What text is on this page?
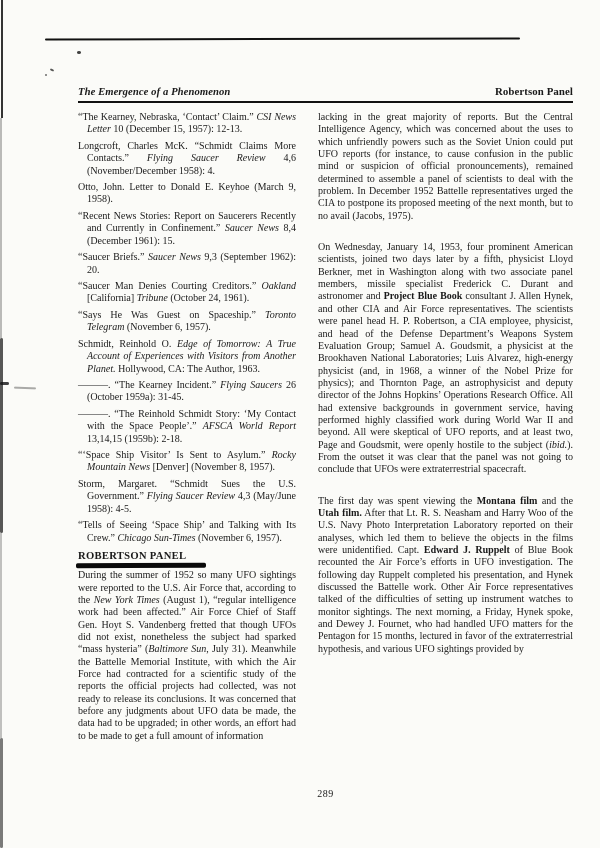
The Emergence of a Phenomenon	Robertson Panel

“The Kearney, Nebraska, ‘Contact’ Claim.” CSI News Letter 10 (December 15, 1957): 12-13.

Longcroft, Charles McK. “Schmidt Claims More Contacts.” Flying Saucer Review 4,6 (November/December 1958): 4.

Otto, John. Letter to Donald E. Keyhoe (March 9, 1958).

“Recent News Stories: Report on Saucerers Recently and Currently in Confinement.” Saucer News 8,4 (December 1961): 15.

“Saucer Briefs.” Saucer News 9,3 (September 1962): 20.

“Saucer Man Denies Courting Creditors.” Oakland [California] Tribune (October 24, 1961).

“Says He Was Guest on Spaceship.” Toronto Telegram (November 6, 1957).

Schmidt, Reinhold O. Edge of Tomorrow: A True Account of Experiences with Visitors from Another Planet. Hollywood, CA: The Author, 1963.

———. “The Kearney Incident.” Flying Saucers 26 (October 1959a): 31-45.

———. “The Reinhold Schmidt Story: ‘My Contact with the Space People’.” AFSCA World Report 13,14,15 (1959b): 2-18.

“‘Space Ship Visitor’ Is Sent to Asylum.” Rocky Mountain News [Denver] (November 8, 1957).

Storm, Margaret. “Schmidt Sues the U.S. Government.” Flying Saucer Review 4,3 (May/June 1958): 4-5.

“Tells of Seeing ‘Space Ship’ and Talking with Its Crew.” Chicago Sun-Times (November 6, 1957).

ROBERTSON PANEL

During the summer of 1952 so many UFO sightings were reported to the U.S. Air Force that, according to the New York Times (August 1), “regular intelligence work had been affected.” Air Force Chief of Staff Gen. Hoyt S. Vandenberg fretted that though UFOs did not exist, nonetheless the subject had sparked “mass hysteria” (Baltimore Sun, July 31). Meanwhile the Battelle Memorial Institute, with which the Air Force had contracted for a scientific study of the reports the official projects had collected, was not ready to release its conclusions. It was concerned that before any judgments about UFO data be made, the data had to be upgraded; in other words, an effort had to be made to get a full amount of information

lacking in the great majority of reports. But the Central Intelligence Agency, which was concerned about the uses to which unfriendly powers such as the Soviet Union could put UFO reports (for instance, to cause confusion in the public mind or suspicion of official pronouncements), remained determined to assemble a panel of scientists to deal with the problem. In December 1952 Battelle representatives urged the CIA to postpone its proposed meeting of the next month, but to no avail (Jacobs, 1975).

On Wednesday, January 14, 1953, four prominent American scientists, joined two days later by a fifth, physicist Lloyd Berkner, met in Washington along with two associate panel members, missile specialist Frederick C. Durant and astronomer and Project Blue Book consultant J. Allen Hynek, and other CIA and Air Force representatives. The scientists were panel head H. P. Robertson, a CIA employee, physicist, and head of the Defense Department’s Weapons System Evaluation Group; Samuel A. Goudsmit, a physicist at the Brookhaven National Laboratories; Luis Alvarez, high-energy physicist (and, in 1968, a winner of the Nobel Prize for physics); and Thornton Page, an astrophysicist and deputy director of the Johns Hopkins’ Operations Research Office. All had extensive backgrounds in government service, having performed highly classified work during World War II and beyond. All were skeptical of UFO reports, and at least two, Page and Goudsmit, were openly hostile to the subject (ibid.). From the outset it was clear that the panel was not going to conclude that UFOs were extraterrestrial spacecraft.

The first day was spent viewing the Montana film and the Utah film. After that Lt. R. S. Neasham and Harry Woo of the U.S. Navy Photo Interpretation Laboratory reported on their analyses, which led them to believe the objects in the films were unidentified. Capt. Edward J. Ruppelt of Blue Book recounted the Air Force’s efforts in UFO investigation. The following day Ruppelt completed his presentation, and Hynek discussed the Battelle work. Other Air Force representatives talked of the difficulties of setting up instrument watches to monitor sightings. The next morning, a Friday, Hynek spoke, and Dewey J. Fournet, who had handled UFO matters for the Pentagon for 15 months, lectured in favor of the extraterrestrial hypothesis, and various UFO sightings provided by

289
